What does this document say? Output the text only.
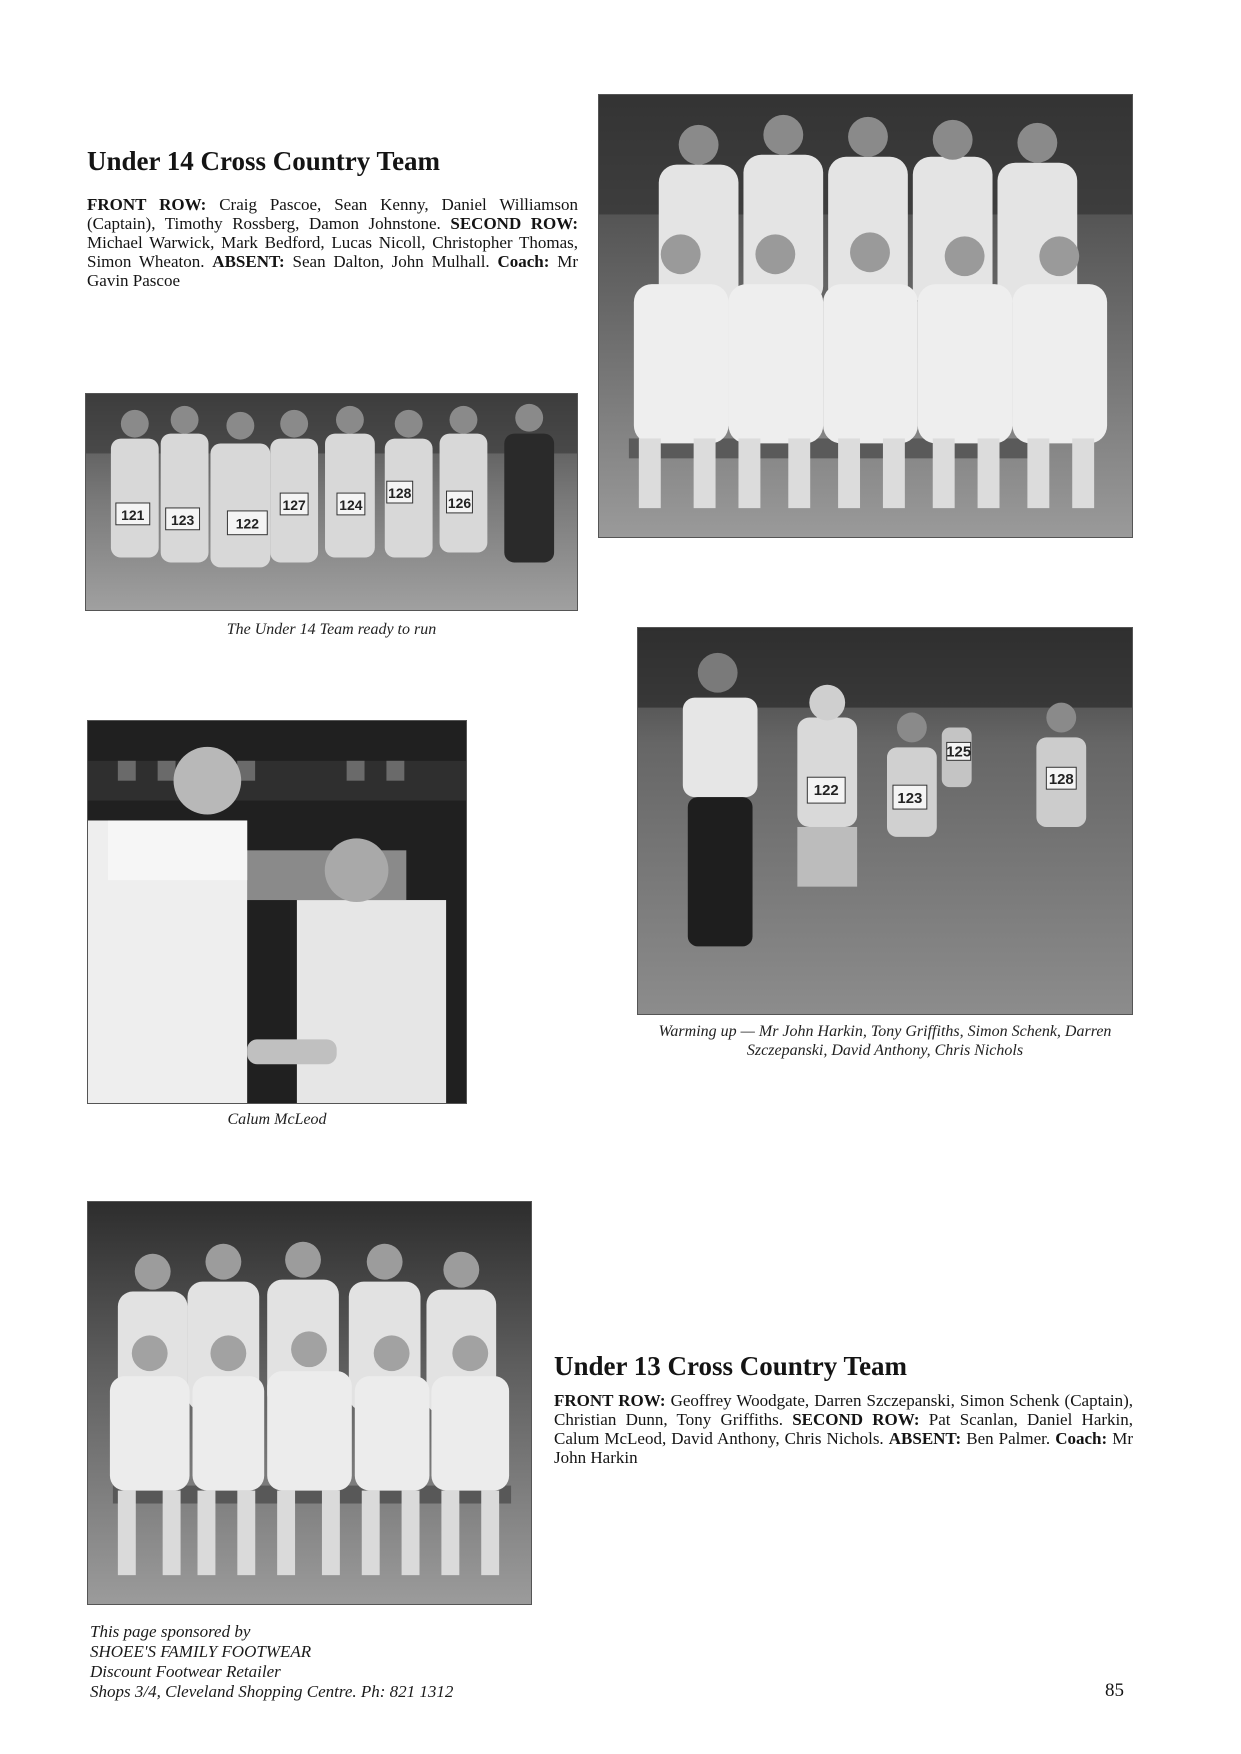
Under 14 Cross Country Team

FRONT ROW: Craig Pascoe, Sean Kenny, Daniel Williamson (Captain), Timothy Rossberg, Damon Johnstone. SECOND ROW: Michael Warwick, Mark Bedford, Lucas Nicoll, Christopher Thomas, Simon Wheaton. ABSENT: Sean Dalton, John Mulhall. Coach: Mr Gavin Pascoe

121 123	122
127 124
128
126
The Under 14 Team ready to run
122	123
125
128
Warming up — Mr John Harkin, Tony Griffiths, Simon Schenk, Darren Szczepanski, David Anthony, Chris Nichols
Calum McLeod
Under 13 Cross Country Team

FRONT ROW: Geoffrey Woodgate, Darren Szczepanski, Simon Schenk (Captain), Christian Dunn, Tony Griffiths. SECOND ROW: Pat Scanlan, Daniel Harkin, Calum McLeod, David Anthony, Chris Nichols. ABSENT: Ben Palmer. Coach: Mr John Harkin

This page sponsored by
SHOEE'S FAMILY FOOTWEAR
Discount Footwear Retailer
Shops 3/4, Cleveland Shopping Centre. Ph: 821 1312	85
